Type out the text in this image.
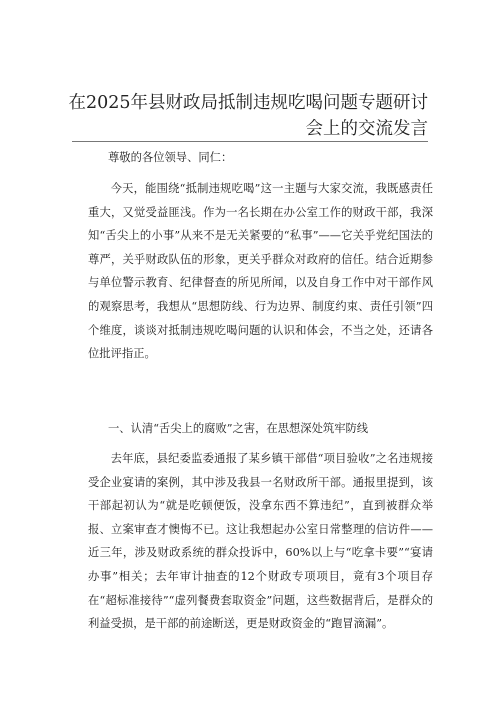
在2025年县财政局抵制违规吃喝问题专题研讨
会上的交流发言
尊敬的各位领导、同仁：
今天，能围绕“抵制违规吃喝”这一主题与大家交流，我既感责任重大，又觉受益匪浅。作为一名长期在办公室工作的财政干部，我深知“舌尖上的小事”从来不是无关紧要的“私事”——它关乎党纪国法的尊严，关乎财政队伍的形象，更关乎群众对政府的信任。结合近期参与单位警示教育、纪律督查的所见所闻，以及自身工作中对干部作风的观察思考，我想从“思想防线、行为边界、制度约束、责任引领”四个维度，谈谈对抵制违规吃喝问题的认识和体会，不当之处，还请各位批评指正。
一、认清“舌尖上的腐败”之害，在思想深处筑牢防线
去年底，县纪委监委通报了某乡镇干部借“项目验收”之名违规接受企业宴请的案例，其中涉及我县一名财政所干部。通报里提到，该干部起初认为“就是吃顿便饭，没拿东西不算违纪”，直到被群众举报、立案审查才懊悔不已。这让我想起办公室日常整理的信访件——近三年，涉及财政系统的群众投诉中，60%以上与“吃拿卡要”“宴请办事”相关；去年审计抽查的12个财政专项项目，竟有3个项目存在“超标准接待”“虚列餐费套取资金”问题，这些数据背后，是群众的利益受损，是干部的前途断送，更是财政资金的“跑冒滴漏”。
